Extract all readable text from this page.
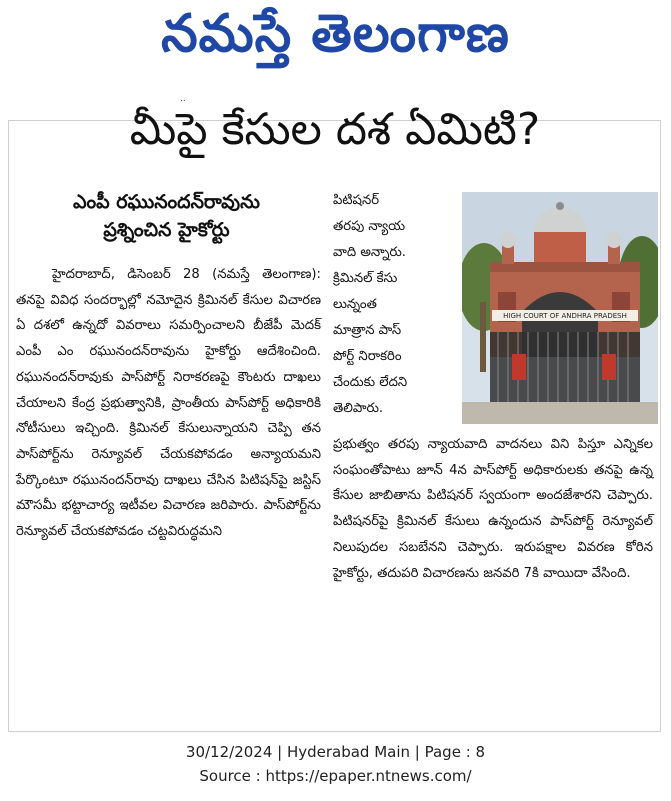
నమస్తే తెలంగాణ
..
మీపై కేసుల దశ ఏమిటి?
ఎంపీ రఘునందన్‌రావును
ప్రశ్నించిన హైకోర్టు

హైదరాబాద్‌, డిసెంబర్‌ 28 (నమస్తే తెలంగాణ): తనపై వివిధ సందర్భాల్లో నమోదైన క్రిమినల్‌ కేసుల విచారణ ఏ దశలో ఉన్నదో వివరాలు సమర్పించాలని బీజేపీ మెదక్‌ ఎంపీ ఎం రఘునందన్‌రావును హైకోర్టు ఆదేశించింది. రఘునందన్‌రావుకు పాస్‌పోర్ట్‌ నిరాకరణపై కౌంటరు దాఖలు చేయాలని కేంద్ర ప్రభుత్వానికి, ప్రాంతీయ పాస్‌పోర్ట్‌ అధికారికి నోటీసులు ఇచ్చింది. క్రిమినల్‌ కేసులున్నాయని చెప్పి తన పాస్‌పోర్ట్‌ను రెన్యూవల్‌ చేయకపోవడం అన్యాయమని పేర్కొంటూ రఘునందన్‌రావు దాఖలు చేసిన పిటిషన్‌పై జస్టిస్‌ మౌసమీ భట్టాచార్య ఇటీవల విచారణ జరిపారు. పాస్‌పోర్ట్‌ను రెన్యూవల్‌ చేయకపోవడం చట్టవిరుద్ధమని

పిటిషనర్‌

తరపు న్యాయ

వాది అన్నారు.

క్రిమినల్‌ కేసు

లున్నంత

మాత్రాన పాస్‌

పోర్ట్‌ నిరాకరిం

చేందుకు లేదని

తెలిపారు.

HIGH COURT OF ANDHRA PRADESH

ప్రభుత్వం తరపు న్యాయవాది వాదనలు విని పిస్తూ ఎన్నికల సంఘంతోపాటు జూన్‌ 4న పాస్‌పోర్ట్‌ అధికారులకు తనపై ఉన్న కేసుల జాబితాను పిటిషనర్‌ స్వయంగా అందజేశారని చెప్పారు. పిటిషనర్‌పై క్రిమినల్‌ కేసులు ఉన్నందున పాస్‌పోర్ట్‌ రెన్యూవల్‌ నిలుపుదల సబబేనని చెప్పారు. ఇరుపక్షాల వివరణ కోరిన హైకోర్టు, తదుపరి విచారణను జనవరి 7కి వాయిదా వేసింది.

30/12/2024 | Hyderabad Main | Page : 8
Source : https://epaper.ntnews.com/
